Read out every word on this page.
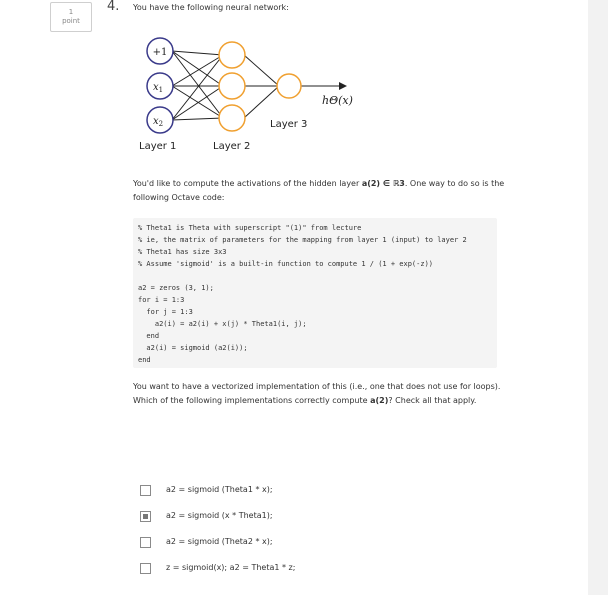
1
point
4. You have the following neural network:
+1
$x_1$
$x_2$
hΘ(x)
Layer 1	Layer 2
Layer 3
You'd like to compute the activations of the hidden layer a(2) ∈ ℝ3. One way to do so is the following Octave code:
% Theta1 is Theta with superscript "(1)" from lecture
% ie, the matrix of parameters for the mapping from layer 1 (input) to layer 2
% Theta1 has size 3x3
% Assume 'sigmoid' is a built-in function to compute 1 / (1 + exp(-z))
a2 = zeros (3, 1);
for i = 1:3
for j = 1:3
a2(i) = a2(i) + x(j) * Theta1(i, j);
end
a2(i) = sigmoid (a2(i));
end
You want to have a vectorized implementation of this (i.e., one that does not use for loops). Which of the following implementations correctly compute a(2)? Check all that apply.
a2 = sigmoid (Theta1 * x);
a2 = sigmoid (x * Theta1);
a2 = sigmoid (Theta2 * x);
z = sigmoid(x); a2 = Theta1 * z;
